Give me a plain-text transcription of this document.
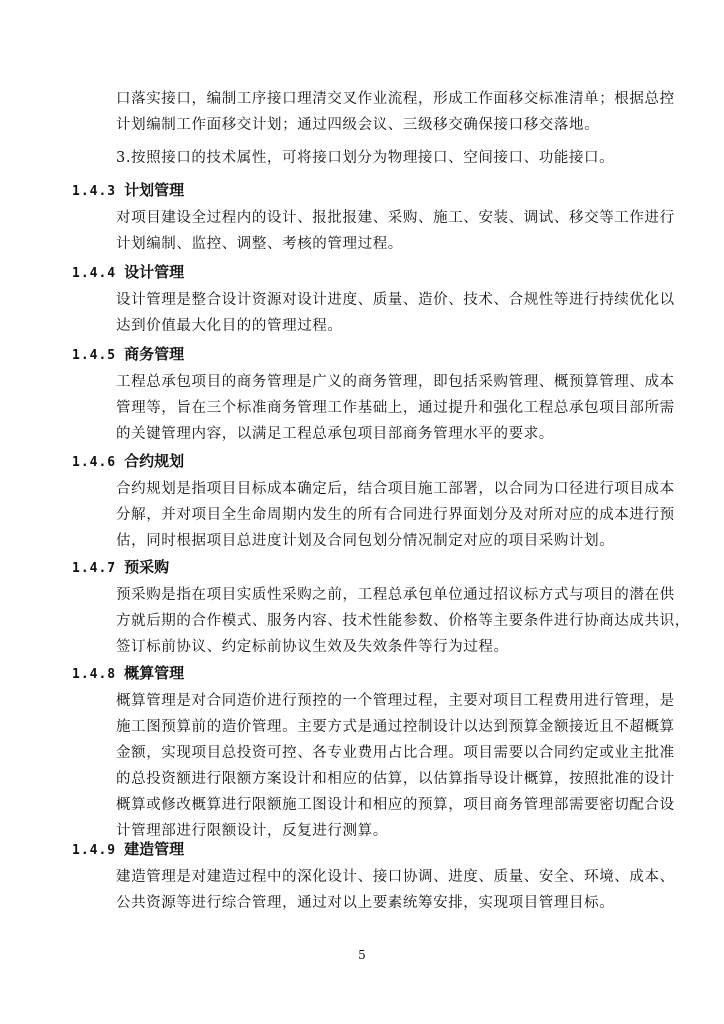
口落实接口，编制工序接口理清交叉作业流程，形成工作面移交标准清单；根据总控
计划编制工作面移交计划；通过四级会议、三级移交确保接口移交落地。
3.按照接口的技术属性，可将接口划分为物理接口、空间接口、功能接口。
1.4.3 计划管理
对项目建设全过程内的设计、报批报建、采购、施工、安装、调试、移交等工作进行
计划编制、监控、调整、考核的管理过程。
1.4.4 设计管理
设计管理是整合设计资源对设计进度、质量、造价、技术、合规性等进行持续优化以
达到价值最大化目的的管理过程。
1.4.5 商务管理
工程总承包项目的商务管理是广义的商务管理，即包括采购管理、概预算管理、成本
管理等，旨在三个标准商务管理工作基础上，通过提升和强化工程总承包项目部所需
的关键管理内容，以满足工程总承包项目部商务管理水平的要求。
1.4.6 合约规划
合约规划是指项目目标成本确定后，结合项目施工部署，以合同为口径进行项目成本
分解，并对项目全生命周期内发生的所有合同进行界面划分及对所对应的成本进行预
估，同时根据项目总进度计划及合同包划分情况制定对应的项目采购计划。
1.4.7 预采购
预采购是指在项目实质性采购之前，工程总承包单位通过招议标方式与项目的潜在供
方就后期的合作模式、服务内容、技术性能参数、价格等主要条件进行协商达成共识，
签订标前协议、约定标前协议生效及失效条件等行为过程。
1.4.8 概算管理
概算管理是对合同造价进行预控的一个管理过程，主要对项目工程费用进行管理，是
施工图预算前的造价管理。主要方式是通过控制设计以达到预算金额接近且不超概算
金额，实现项目总投资可控、各专业费用占比合理。项目需要以合同约定或业主批准
的总投资额进行限额方案设计和相应的估算，以估算指导设计概算，按照批准的设计
概算或修改概算进行限额施工图设计和相应的预算，项目商务管理部需要密切配合设
计管理部进行限额设计，反复进行测算。
1.4.9 建造管理
建造管理是对建造过程中的深化设计、接口协调、进度、质量、安全、环境、成本、
公共资源等进行综合管理，通过对以上要素统筹安排，实现项目管理目标。
5
